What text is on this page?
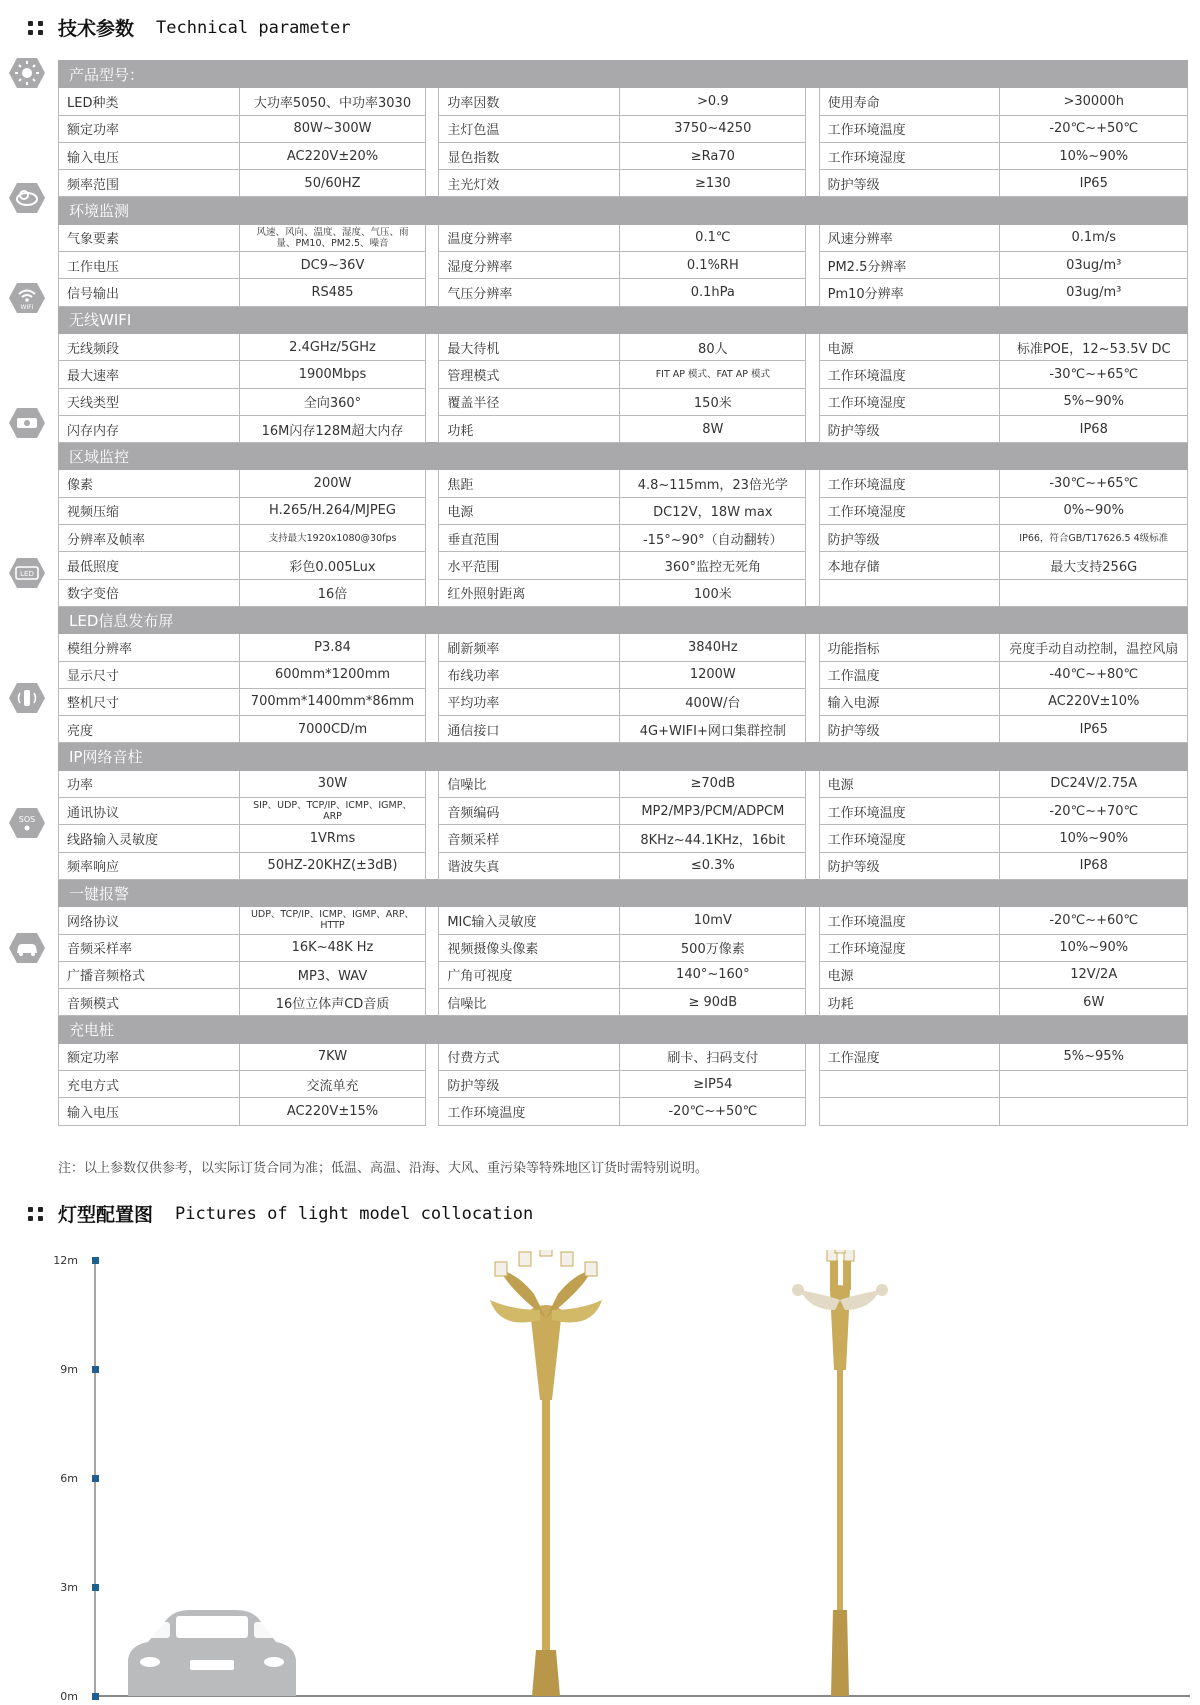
技术参数 Technical parameter
WIFI
LED
SOS
产品型号：							
LED种类	大功率5050、中功率3030		功率因数	>0.9		使用寿命	>30000h
额定功率	80W~300W		主灯色温	3750~4250		工作环境温度	-20℃~+50℃
输入电压	AC220V±20%		显色指数	≥Ra70		工作环境湿度	10%~90%
频率范围	50/60HZ		主光灯效	≥130		防护等级	IP65
环境监测							
气象要素	风速、风向、温度、湿度、气压、雨量、PM10、PM2.5、噪音		温度分辨率	0.1℃		风速分辨率	0.1m/s
工作电压	DC9~36V		湿度分辨率	0.1%RH		PM2.5分辨率	03ug/m³
信号输出	RS485		气压分辨率	0.1hPa		Pm10分辨率	03ug/m³
无线WIFI							
无线频段	2.4GHz/5GHz		最大待机	80人		电源	标准POE，12~53.5V DC
最大速率	1900Mbps		管理模式	FIT AP 模式、FAT AP 模式		工作环境温度	-30℃~+65℃
天线类型	全向360°		覆盖半径	150米		工作环境湿度	5%~90%
闪存内存	16M闪存128M超大内存		功耗	8W		防护等级	IP68
区域监控							
像素	200W		焦距	4.8~115mm，23倍光学		工作环境温度	-30℃~+65℃
视频压缩	H.265/H.264/MJPEG		电源	DC12V，18W max		工作环境湿度	0%~90%
分辨率及帧率	支持最大1920x1080@30fps		垂直范围	-15°~90°（自动翻转）		防护等级	IP66，符合GB/T17626.5 4级标准
最低照度	彩色0.005Lux		水平范围	360°监控无死角		本地存储	最大支持256G
数字变倍	16倍		红外照射距离	100米			
LED信息发布屏							
模组分辨率	P3.84		刷新频率	3840Hz		功能指标	亮度手动自动控制，温控风扇
显示尺寸	600mm*1200mm		布线功率	1200W		工作温度	-40℃~+80℃
整机尺寸	700mm*1400mm*86mm		平均功率	400W/台		输入电源	AC220V±10%
亮度	7000CD/m		通信接口	4G+WIFI+网口集群控制		防护等级	IP65
IP网络音柱							
功率	30W		信噪比	≥70dB		电源	DC24V/2.75A
通讯协议	SIP、UDP、TCP/IP、ICMP、IGMP、ARP		音频编码	MP2/MP3/PCM/ADPCM		工作环境温度	-20℃~+70℃
线路输入灵敏度	1VRms		音频采样	8KHz~44.1KHz，16bit		工作环境湿度	10%~90%
频率响应	50HZ-20KHZ(±3dB)		谐波失真	≤0.3%		防护等级	IP68
一键报警							
网络协议	UDP、TCP/IP、ICMP、IGMP、ARP、HTTP		MIC输入灵敏度	10mV		工作环境温度	-20℃~+60℃
音频采样率	16K~48K Hz		视频摄像头像素	500万像素		工作环境湿度	10%~90%
广播音频格式	MP3、WAV		广角可视度	140°~160°		电源	12V/2A
音频模式	16位立体声CD音质		信噪比	≥ 90dB		功耗	6W
充电桩							
额定功率	7KW		付费方式	刷卡、扫码支付		工作湿度	5%~95%
充电方式	交流单充		防护等级	≥IP54			
输入电压	AC220V±15%		工作环境温度	-20℃~+50℃			
注：以上参数仅供参考，以实际订货合同为准；低温、高温、沿海、大风、重污染等特殊地区订货时需特别说明。
灯型配置图 Pictures of light model collocation
0m
3m
6m
9m
12m
